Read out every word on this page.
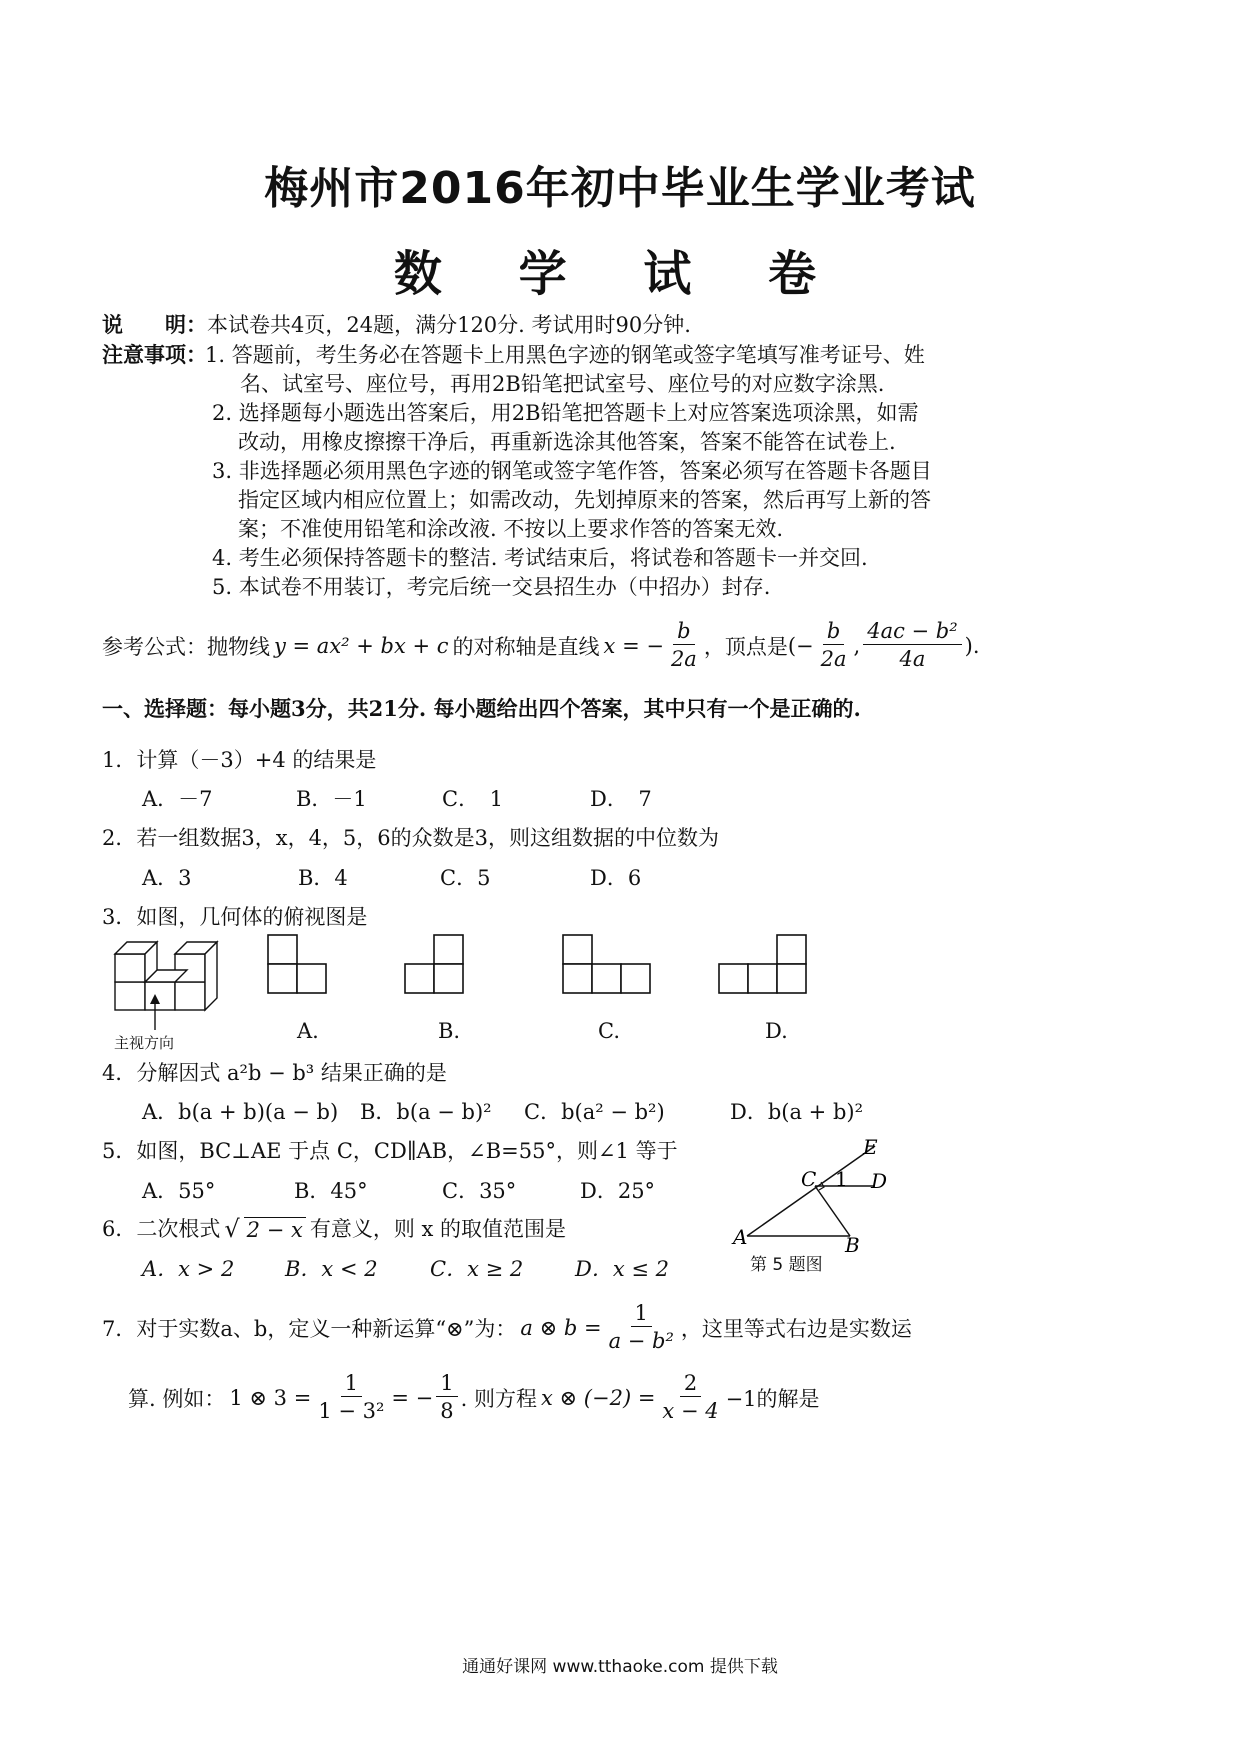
梅州市2016年初中毕业生学业考试
数 学 试 卷
说　　明：本试卷共4页，24题，满分120分. 考试用时90分钟.
注意事项：
1. 答题前，考生务必在答题卡上用黑色字迹的钢笔或签字笔填写准考证号、姓
名、试室号、座位号，再用2B铅笔把试室号、座位号的对应数字涂黑.
2. 选择题每小题选出答案后，用2B铅笔把答题卡上对应答案选项涂黑，如需
改动，用橡皮擦擦干净后，再重新选涂其他答案，答案不能答在试卷上.
3. 非选择题必须用黑色字迹的钢笔或签字笔作答，答案必须写在答题卡各题目
指定区域内相应位置上；如需改动，先划掉原来的答案，然后再写上新的答
案；不准使用铅笔和涂改液. 不按以上要求作答的答案无效.
4. 考生必须保持答题卡的整洁. 考试结束后，将试卷和答题卡一并交回.
5. 本试卷不用装订，考完后统一交县招生办（中招办）封存.
参考公式：抛物线 y = ax² + bx + c 的对称轴是直线 x = − $\frac{b}{2a}$ ，顶点是 (− $\frac{b}{2a}$ , $\frac{\text{4ac − b²}}{4a}$ ).
一、选择题：每小题3分，共21分. 每小题给出四个答案，其中只有一个是正确的.
1．计算（－3）+4 的结果是
A．－7	B．－1	C．　1	D．　7
2．若一组数据3，x，4，5，6的众数是3，则这组数据的中位数为
A．3	B．4	C．5	D．6
3．如图，几何体的俯视图是
主视方向	A.	B.	C.	D.
4．分解因式 a²b − b³ 结果正确的是
A．b(a + b)(a − b) B．b(a − b)² C．b(a² − b²)	D．b(a + b)²
5．如图，BC⊥AE 于点 C，CD∥AB，∠B=55°，则∠1 等于
A．55°	B．45°	C．35°	D．25°
A	B
C	D
E
1
第 5 题图
6．二次根式 √ 2 − x 有意义，则 x 的取值范围是
A．x > 2 B．x < 2 C．x ≥ 2 D．x ≤ 2
7．对于实数a、b，定义一种新运算“⊗”为： a ⊗ $b = \frac{1}{\text{a − b²}}$ ，这里等式右边是实数运
算. 例如： 1 ⊗ $3 = \frac{1}{\text{1 − 3²}}$ = − $\frac{1}{8}$ . 则方程 x ⊗ $(-2) = \frac{2}{x - 4} -1$的解是
通通好课网 www.tthaoke.com 提供下载
